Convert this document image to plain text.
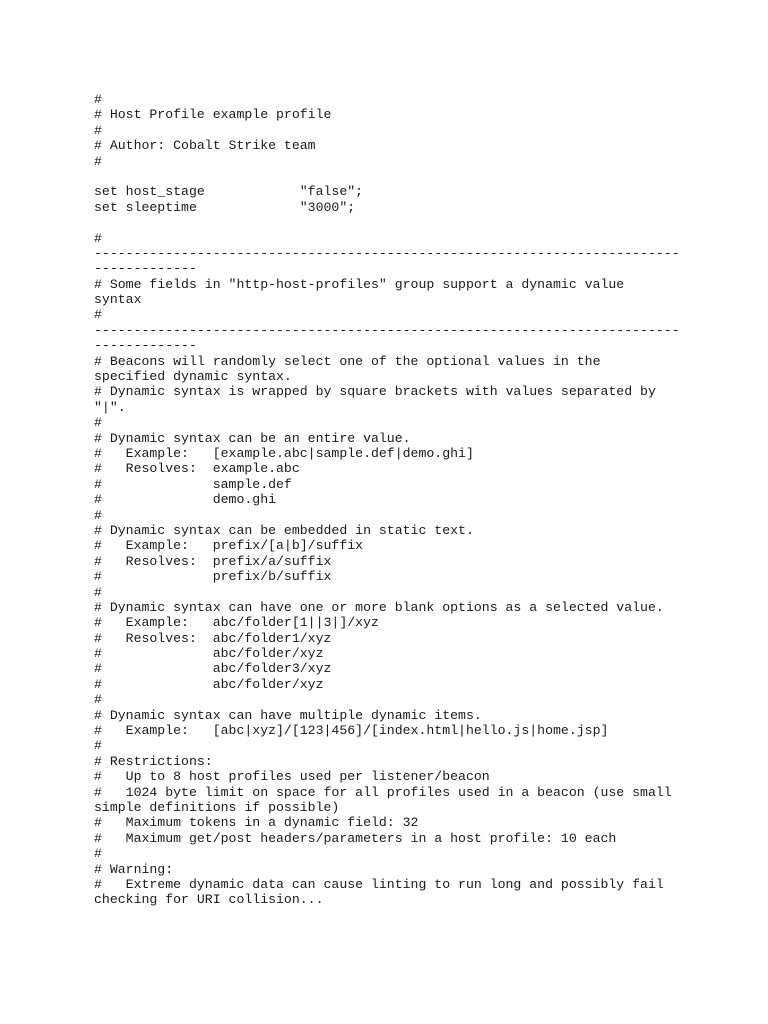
#
# Host Profile example profile
#
# Author: Cobalt Strike team
#
set host_stage            "false";
set sleeptime             "3000";
#
--------------------------------------------------------------------------
-------------
# Some fields in "http-host-profiles" group support a dynamic value
syntax
#
--------------------------------------------------------------------------
-------------
# Beacons will randomly select one of the optional values in the
specified dynamic syntax.
# Dynamic syntax is wrapped by square brackets with values separated by
"|".
#
# Dynamic syntax can be an entire value.
#   Example:   [example.abc|sample.def|demo.ghi]
#   Resolves:  example.abc
#              sample.def
#              demo.ghi
#
# Dynamic syntax can be embedded in static text.
#   Example:   prefix/[a|b]/suffix
#   Resolves:  prefix/a/suffix
#              prefix/b/suffix
#
# Dynamic syntax can have one or more blank options as a selected value.
#   Example:   abc/folder[1||3|]/xyz
#   Resolves:  abc/folder1/xyz
#              abc/folder/xyz
#              abc/folder3/xyz
#              abc/folder/xyz
#
# Dynamic syntax can have multiple dynamic items.
#   Example:   [abc|xyz]/[123|456]/[index.html|hello.js|home.jsp]
#
# Restrictions:
#   Up to 8 host profiles used per listener/beacon
#   1024 byte limit on space for all profiles used in a beacon (use small
simple definitions if possible)
#   Maximum tokens in a dynamic field: 32
#   Maximum get/post headers/parameters in a host profile: 10 each
#
# Warning:
#   Extreme dynamic data can cause linting to run long and possibly fail
checking for URI collision...
